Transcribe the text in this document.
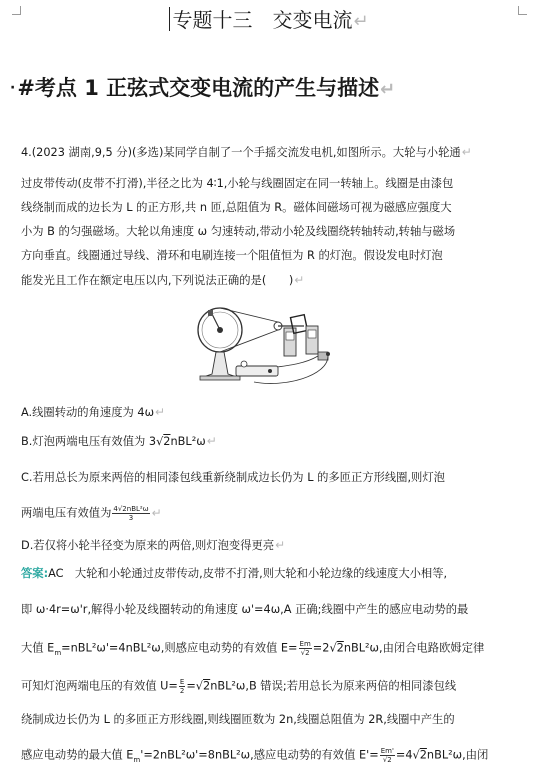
专题十三　交变电流↵
·#考点 1 正弦式交变电流的产生与描述↵
4.(2023 湖南,9,5 分)(多选)某同学自制了一个手摇交流发电机,如图所示。大轮与小轮通↵
过皮带传动(皮带不打滑),半径之比为 4∶1,小轮与线圈固定在同一转轴上。线圈是由漆包
线绕制而成的边长为 L 的正方形,共 n 匝,总阻值为 R。磁体间磁场可视为磁感应强度大
小为 B 的匀强磁场。大轮以角速度 ω 匀速转动,带动小轮及线圈绕转轴转动,转轴与磁场
方向垂直。线圈通过导线、滑环和电刷连接一个阻值恒为 R 的灯泡。假设发电时灯泡
能发光且工作在额定电压以内,下列说法正确的是(　　)↵
A.线圈转动的角速度为 4ω↵
B.灯泡两端电压有效值为 3√2nBL²ω↵
C.若用总长为原来两倍的相同漆包线重新绕制成边长仍为 L 的多匝正方形线圈,则灯泡
两端电压有效值为 $\frac{\text{4√2nBL²ω}}{3}$ ↵
D.若仅将小轮半径变为原来的两倍,则灯泡变得更亮↵
答案:AC　大轮和小轮通过皮带传动,皮带不打滑,则大轮和小轮边缘的线速度大小相等,
即 ω·4r=ω'r,解得小轮及线圈转动的角速度 ω'=4ω,A 正确;线圈中产生的感应电动势的最
大值 $E_m=nBL^2\omega'=4nBL^2\omega$,则感应电动势的有效值 $E= \frac{Em}{√2} =2√2nBL^2\omega$,由闭合电路欧姆定律
可知灯泡两端电压的有效值 $U= \frac{E}{2} =√2nBL^2\omega,B$ 错误;若用总长为原来两倍的相同漆包线
绕制成边长仍为 L 的多匝正方形线圈,则线圈匝数为 2n,线圈总阻值为 2R,线圈中产生的
感应电动势的最大值 $E_m'=2nBL^2\omega'=8nBL^2\omega$,感应电动势的有效值 $E'= \frac{Em'}{√2} =4√2nBL^2\omega$,由闭
